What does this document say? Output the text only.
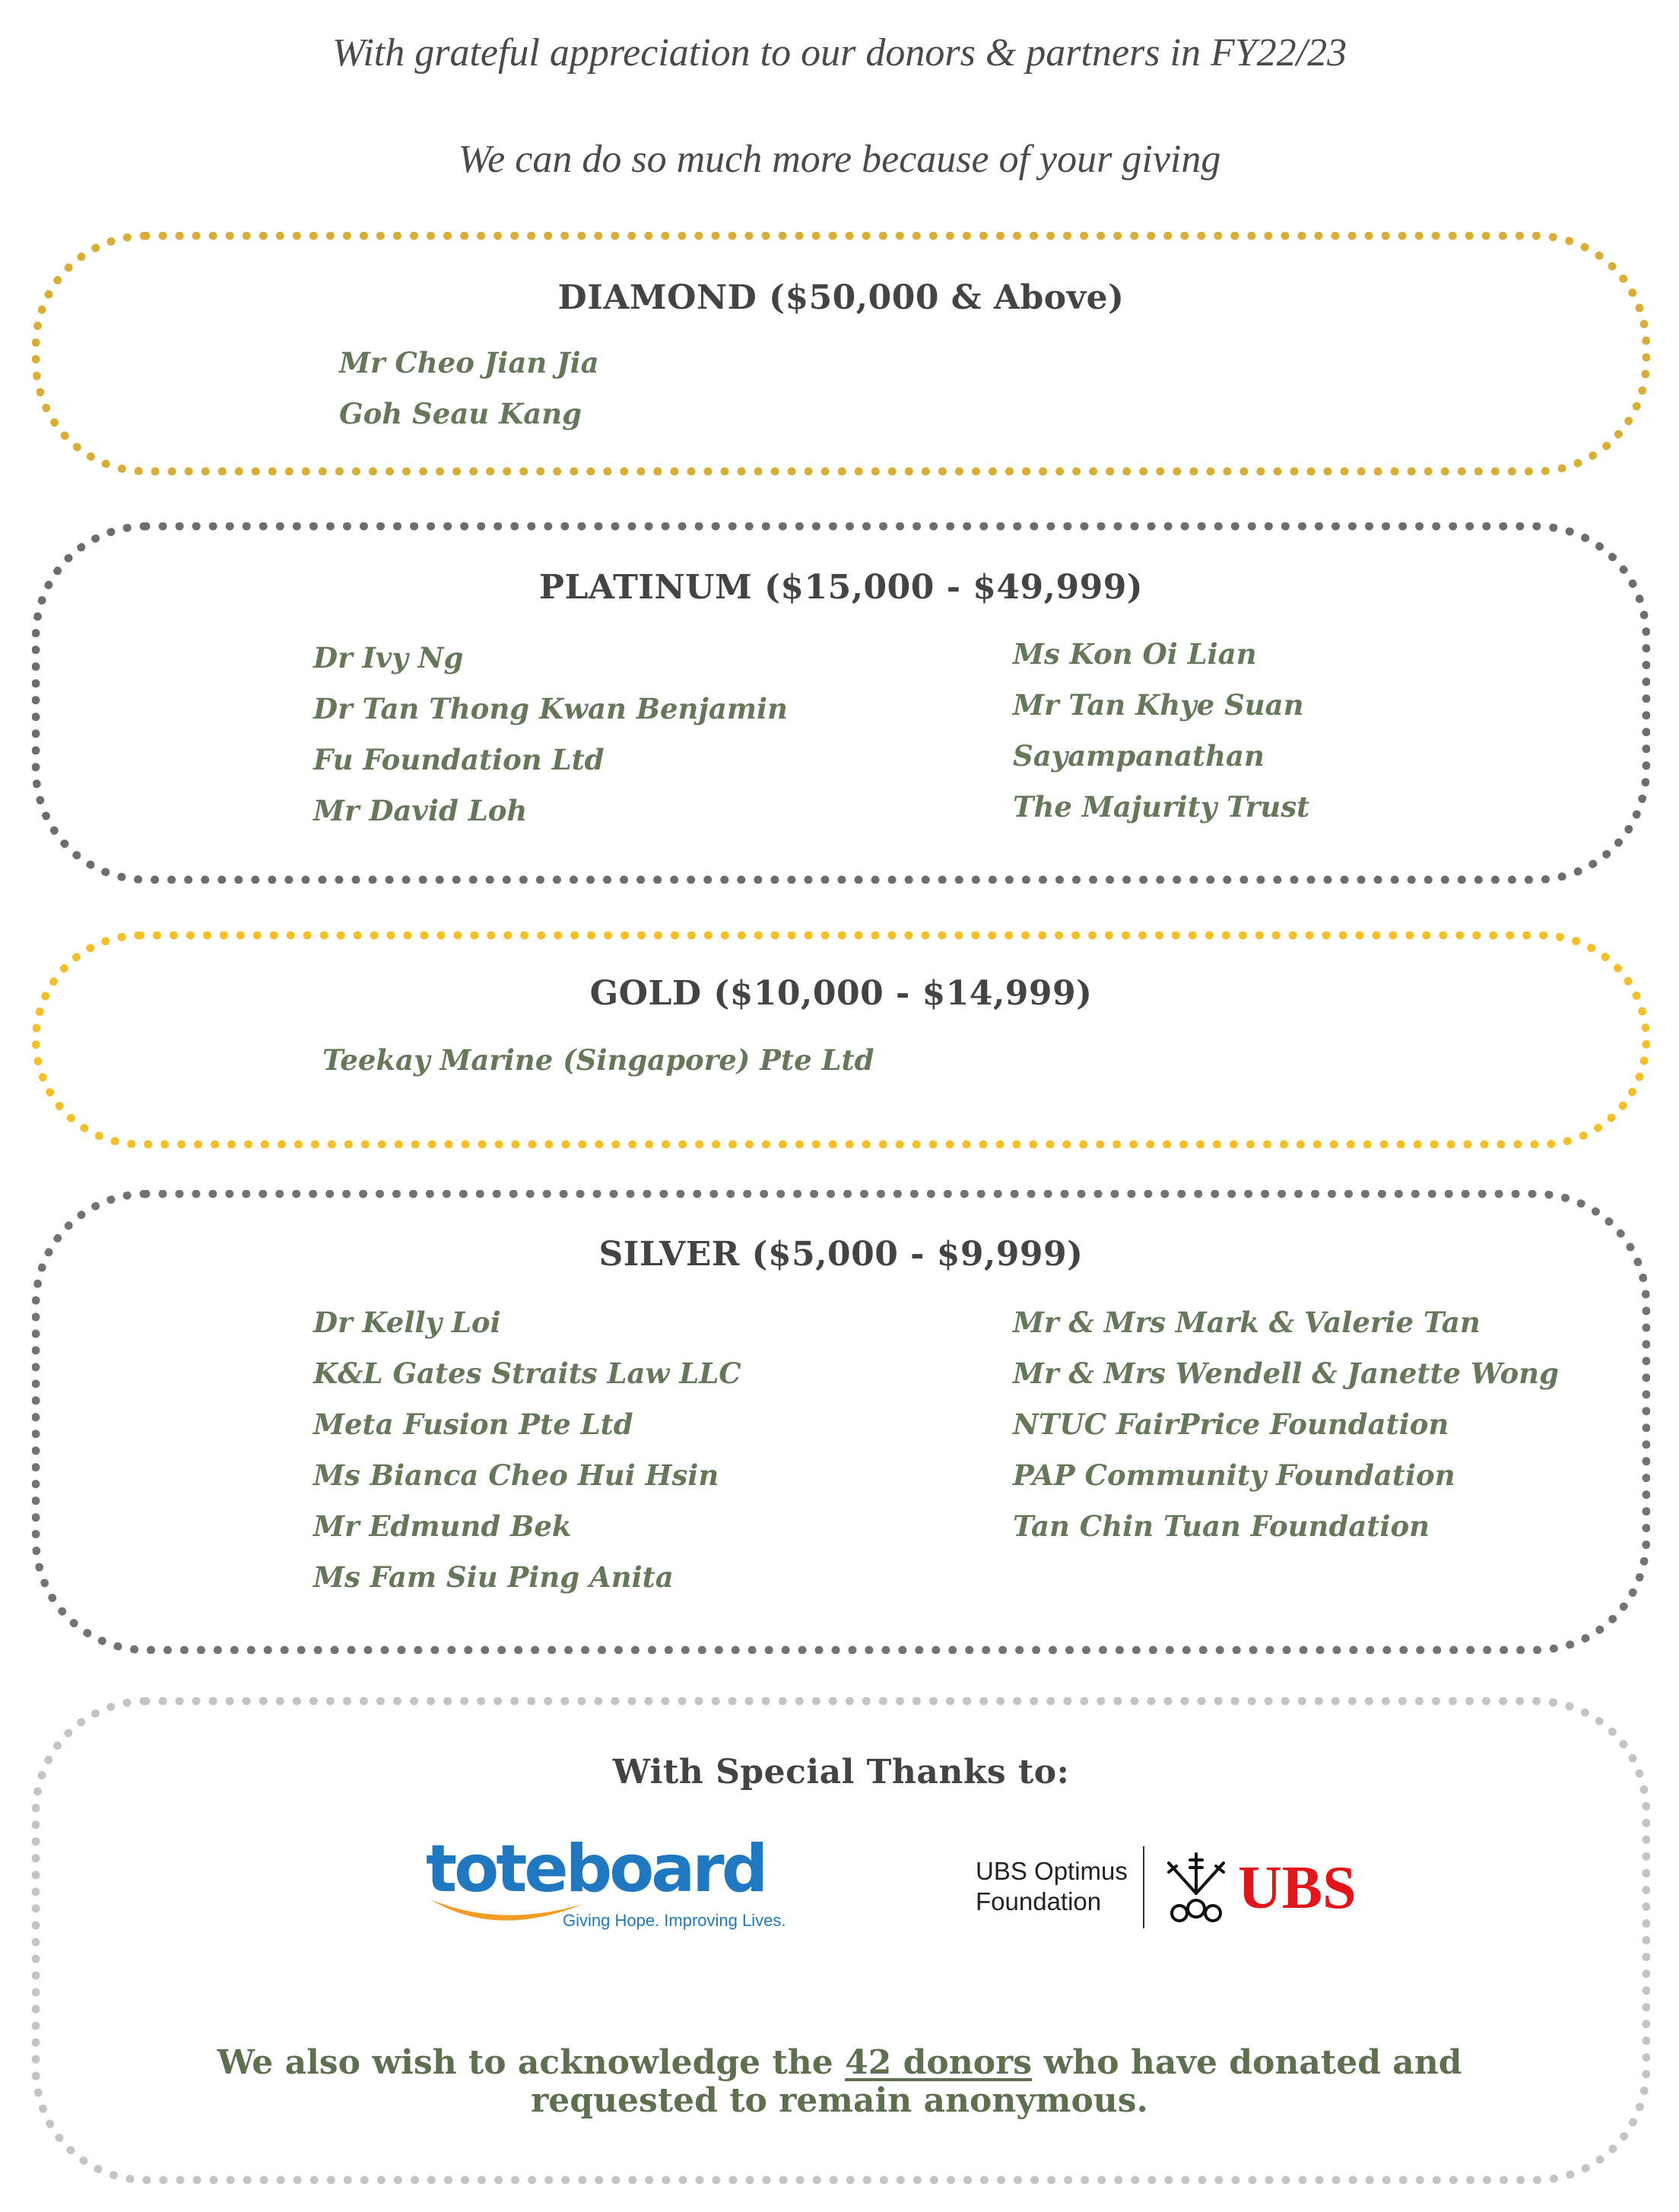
With grateful appreciation to our donors & partners in FY22/23

We can do so much more because of your giving

DIAMOND ($50,000 & Above)
Mr Cheo Jian Jia
Goh Seau Kang
PLATINUM ($15,000 - $49,999)
Dr Ivy Ng
Dr Tan Thong Kwan Benjamin
Fu Foundation Ltd
Mr David Loh
Ms Kon Oi Lian
Mr Tan Khye Suan
Sayampanathan
The Majurity Trust
GOLD ($10,000 - $14,999)
Teekay Marine (Singapore) Pte Ltd
SILVER ($5,000 - $9,999)
Dr Kelly Loi
K&L Gates Straits Law LLC
Meta Fusion Pte Ltd
Ms Bianca Cheo Hui Hsin
Mr Edmund Bek
Ms Fam Siu Ping Anita
Mr & Mrs Mark & Valerie Tan
Mr & Mrs Wendell & Janette Wong
NTUC FairPrice Foundation
PAP Community Foundation
Tan Chin Tuan Foundation
With Special Thanks to:
toteboard
Giving Hope. Improving Lives.
UBS Optimus
Foundation UBS

We also wish to acknowledge the 42 donors who have donated and requested to remain anonymous.
